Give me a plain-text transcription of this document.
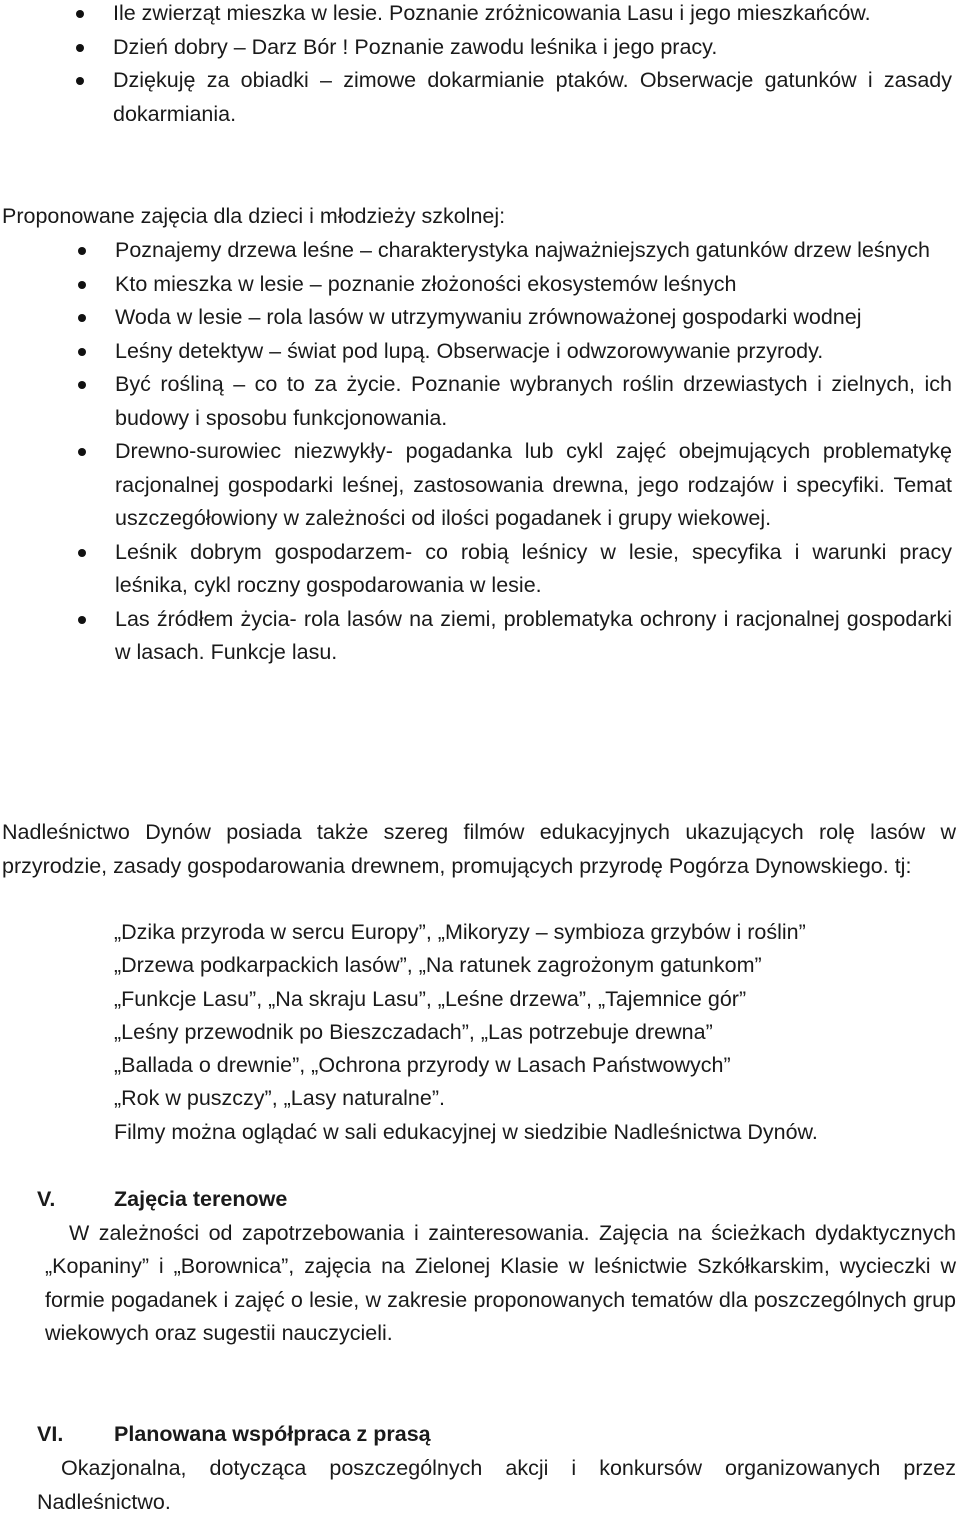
Ile zwierząt mieszka w lesie. Poznanie zróżnicowania Lasu i jego mieszkańców.
Dzień dobry – Darz Bór ! Poznanie zawodu leśnika i jego pracy.
Dziękuję za obiadki – zimowe dokarmianie ptaków. Obserwacje gatunków i zasady dokarmiania.
Proponowane zajęcia dla dzieci i młodzieży szkolnej:
Poznajemy drzewa leśne – charakterystyka najważniejszych gatunków drzew leśnych
Kto mieszka w lesie – poznanie złożoności ekosystemów leśnych
Woda w lesie – rola lasów w utrzymywaniu zrównoważonej gospodarki wodnej
Leśny detektyw – świat pod lupą. Obserwacje i odwzorowywanie przyrody.
Być rośliną – co to za życie. Poznanie wybranych roślin drzewiastych i zielnych, ich budowy i sposobu funkcjonowania.
Drewno-surowiec niezwykły- pogadanka lub cykl zajęć obejmujących problematykę racjonalnej gospodarki leśnej, zastosowania drewna, jego rodzajów i specyfiki. Temat uszczegółowiony w zależności od ilości pogadanek i grupy wiekowej.
Leśnik dobrym gospodarzem- co robią leśnicy w lesie, specyfika i warunki pracy leśnika, cykl roczny gospodarowania w lesie.
Las źródłem życia- rola lasów na ziemi, problematyka ochrony i racjonalnej gospodarki w lasach. Funkcje lasu.

Nadleśnictwo Dynów posiada także szereg filmów edukacyjnych ukazujących rolę lasów w przyrodzie, zasady gospodarowania drewnem, promujących przyrodę Pogórza Dynowskiego. tj:

„Dzika przyroda w sercu Europy”, „Mikoryzy – symbioza grzybów i roślin”
„Drzewa podkarpackich lasów”, „Na ratunek zagrożonym gatunkom”
„Funkcje Lasu”, „Na skraju Lasu”, „Leśne drzewa”, „Tajemnice gór”
„Leśny przewodnik po Bieszczadach”, „Las potrzebuje drewna”
„Ballada o drewnie”, „Ochrona przyrody w Lasach Państwowych”
„Rok w puszczy”, „Lasy naturalne”.
Filmy można oglądać w sali edukacyjnej w siedzibie Nadleśnictwa Dynów.
V.	Zajęcia terenowe

W zależności od zapotrzebowania i zainteresowania. Zajęcia na ścieżkach dydaktycznych „Kopaniny” i „Borownica”, zajęcia na Zielonej Klasie w leśnictwie Szkółkarskim, wycieczki w formie pogadanek i zajęć o lesie, w zakresie proponowanych tematów dla poszczególnych grup wiekowych oraz sugestii nauczycieli.

VI. Planowana współpraca z prasą

Okazjonalna, dotycząca poszczególnych akcji i konkursów organizowanych przez Nadleśnictwo.
